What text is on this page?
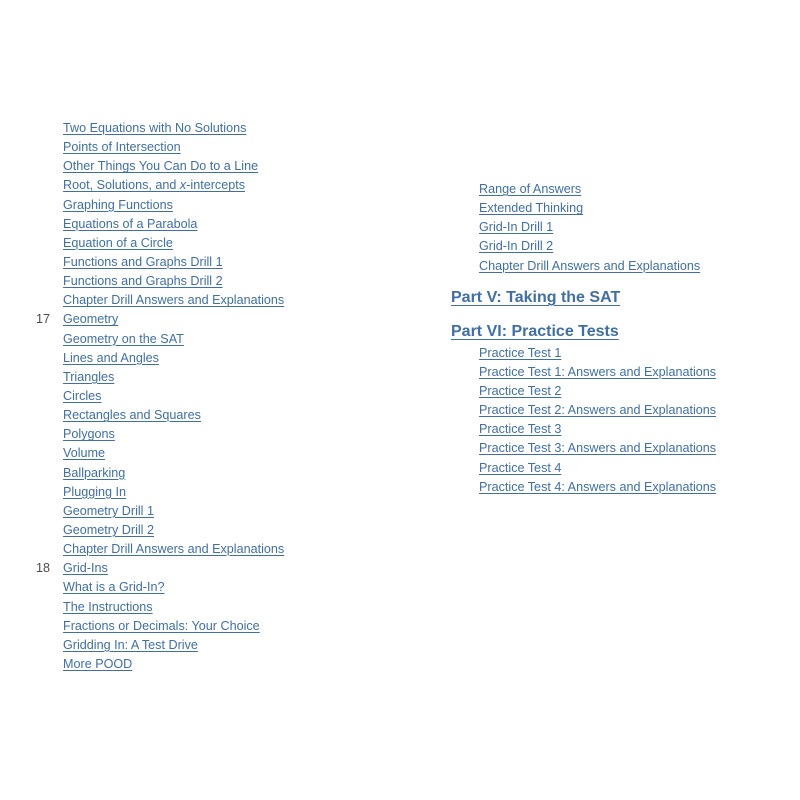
Two Equations with No Solutions
Points of Intersection
Other Things You Can Do to a Line
Root, Solutions, and x-intercepts
Graphing Functions
Equations of a Parabola
Equation of a Circle
Functions and Graphs Drill 1
Functions and Graphs Drill 2
Chapter Drill Answers and Explanations
17	Geometry
Geometry on the SAT
Lines and Angles
Triangles
Circles
Rectangles and Squares
Polygons
Volume
Ballparking
Plugging In
Geometry Drill 1
Geometry Drill 2
Chapter Drill Answers and Explanations
18	Grid-Ins
What is a Grid-In?
The Instructions
Fractions or Decimals: Your Choice
Gridding In: A Test Drive
More POOD
Range of Answers
Extended Thinking
Grid-In Drill 1
Grid-In Drill 2
Chapter Drill Answers and Explanations
Part V: Taking the SAT
Part VI: Practice Tests
Practice Test 1
Practice Test 1: Answers and Explanations
Practice Test 2
Practice Test 2: Answers and Explanations
Practice Test 3
Practice Test 3: Answers and Explanations
Practice Test 4
Practice Test 4: Answers and Explanations
